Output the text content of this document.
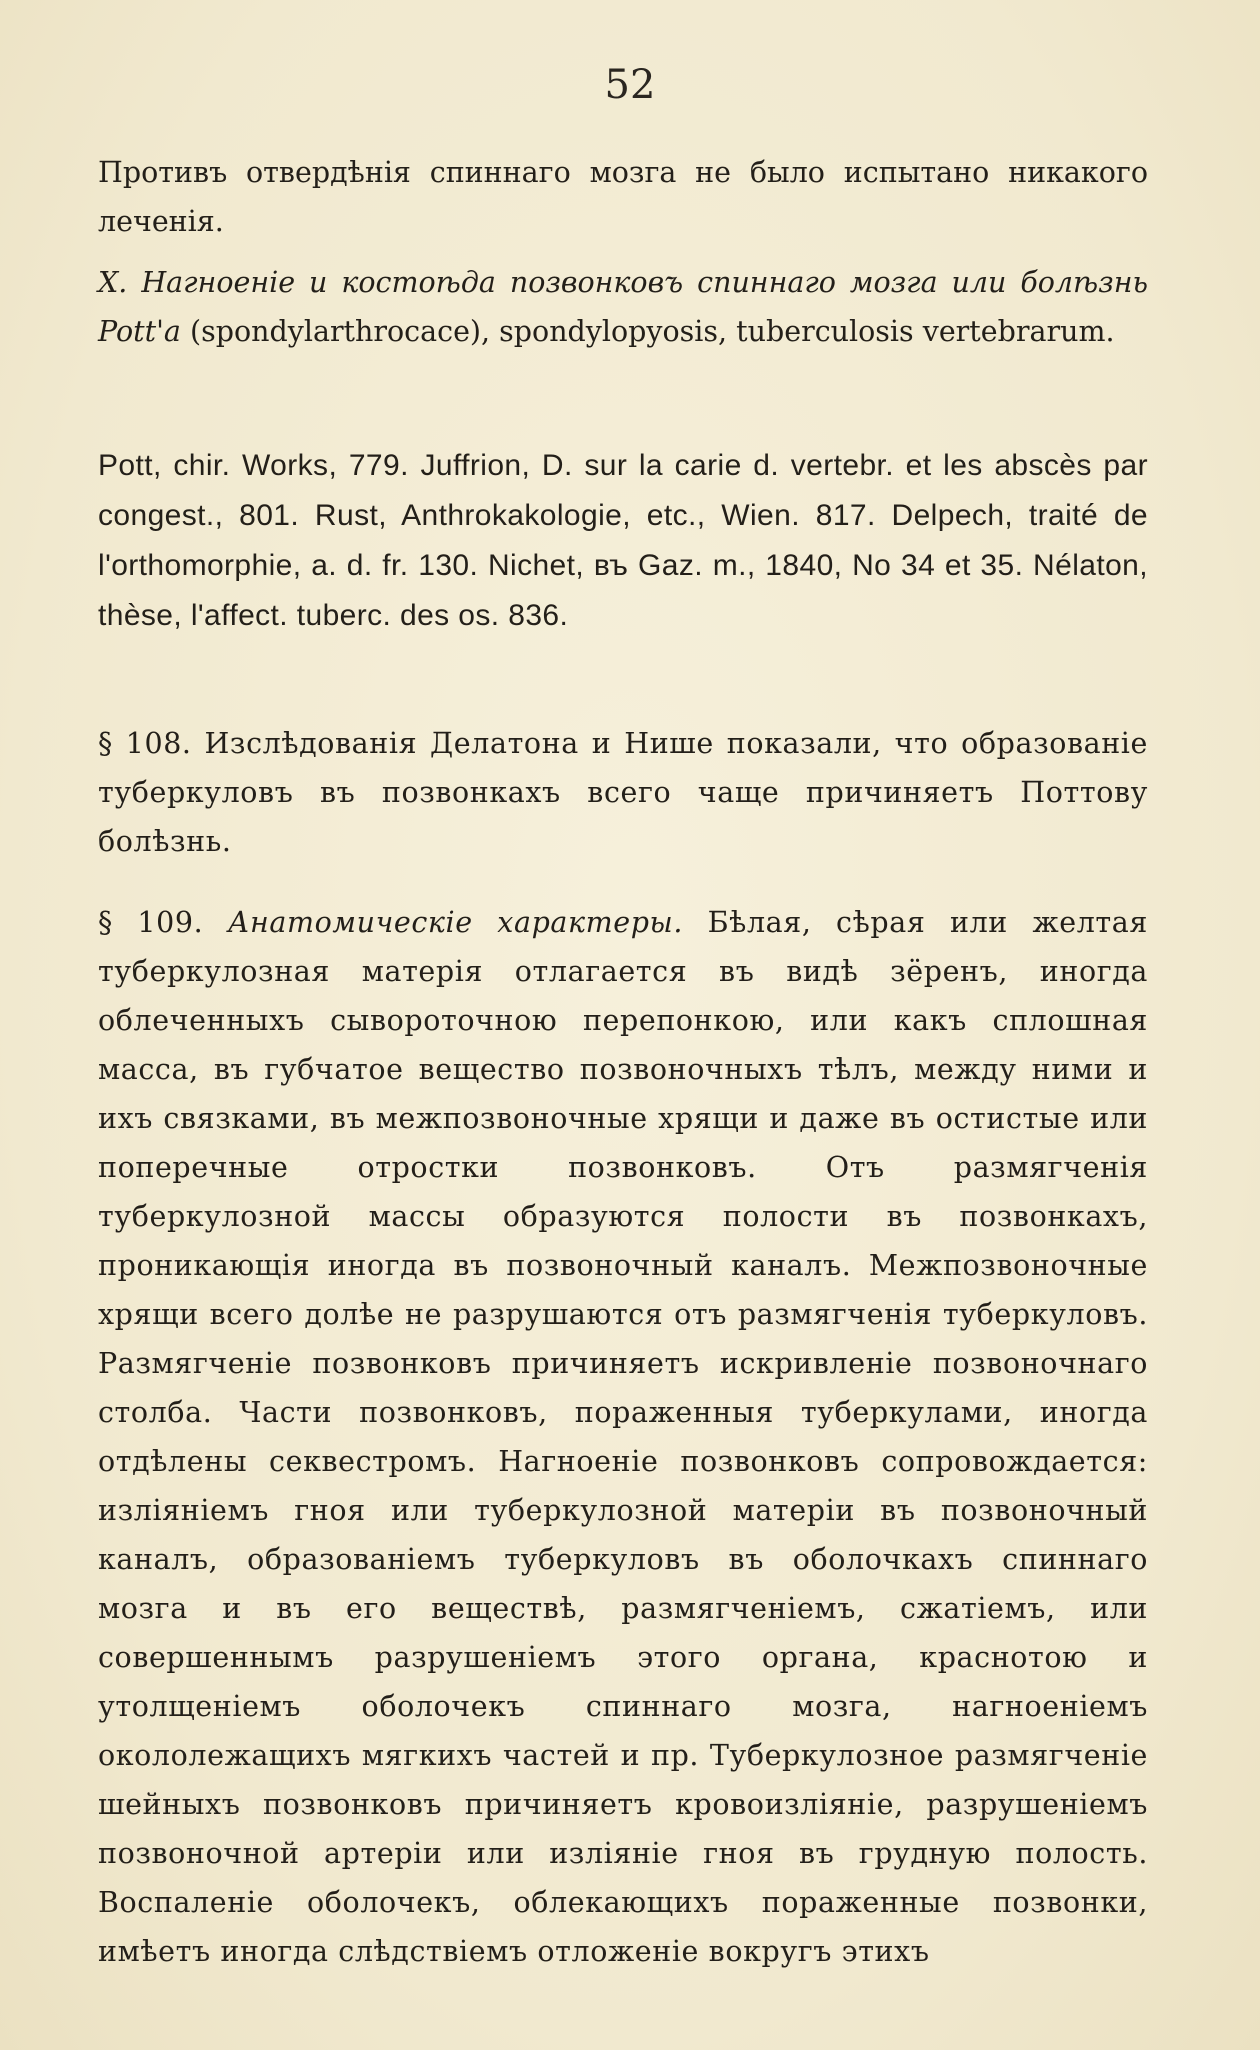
52
Противъ отвердѣнія спиннаго мозга не было испытано никакого леченія.
X. Нагноеніе и костоѣда позвонковъ спиннаго мозга или болѣзнь Pott'a (spondylarthrocace), spondylopyosis, tuberculosis vertebrarum.
Pott, chir. Works, 779. Juffrion, D. sur la carie d. vertebr. et les abscès par congest., 801. Rust, Anthrokakologie, etc., Wien. 817. Delpech, traité de l'orthomorphie, a. d. fr. 130. Nichet, въ Gaz. m., 1840, No 34 et 35. Nélaton, thèse, l'affect. tuberc. des os. 836.
§ 108. Изслѣдованія Делатона и Нише показали, что образованіе туберкуловъ въ позвонкахъ всего чаще причиняетъ Поттову болѣзнь.
§ 109. Анатомическіе характеры. Бѣлая, сѣрая или желтая туберкулозная матерія отлагается въ видѣ зёренъ, иногда облеченныхъ сывороточною перепонкою, или какъ сплошная масса, въ губчатое вещество позвоночныхъ тѣлъ, между ними и ихъ связками, въ межпозвоночные хрящи и даже въ остистые или поперечные отростки позвонковъ. Отъ размягченія туберкулозной массы образуются полости въ позвонкахъ, проникающія иногда въ позвоночный каналъ. Межпозвоночные хрящи всего долѣе не разрушаются отъ размягченія туберкуловъ. Размягченіе позвонковъ причиняетъ искривленіе позвоночнаго столба. Части позвонковъ, пораженныя туберкулами, иногда отдѣлены секвестромъ. Нагноеніе позвонковъ сопровождается: изліяніемъ гноя или туберкулозной матеріи въ позвоночный каналъ, образованіемъ туберкуловъ въ оболочкахъ спиннаго мозга и въ его веществѣ, размягченіемъ, сжатіемъ, или совершеннымъ разрушеніемъ этого органа, краснотою и утолщеніемъ оболочекъ спиннаго мозга, нагноеніемъ окололежащихъ мягкихъ частей и пр. Туберкулозное размягченіе шейныхъ позвонковъ причиняетъ кровоизліяніе, разрушеніемъ позвоночной артеріи или изліяніе гноя въ грудную полость. Воспаленіе оболочекъ, облекающихъ пораженные позвонки, имѣетъ иногда слѣдствіемъ отложеніе вокругъ этихъ
